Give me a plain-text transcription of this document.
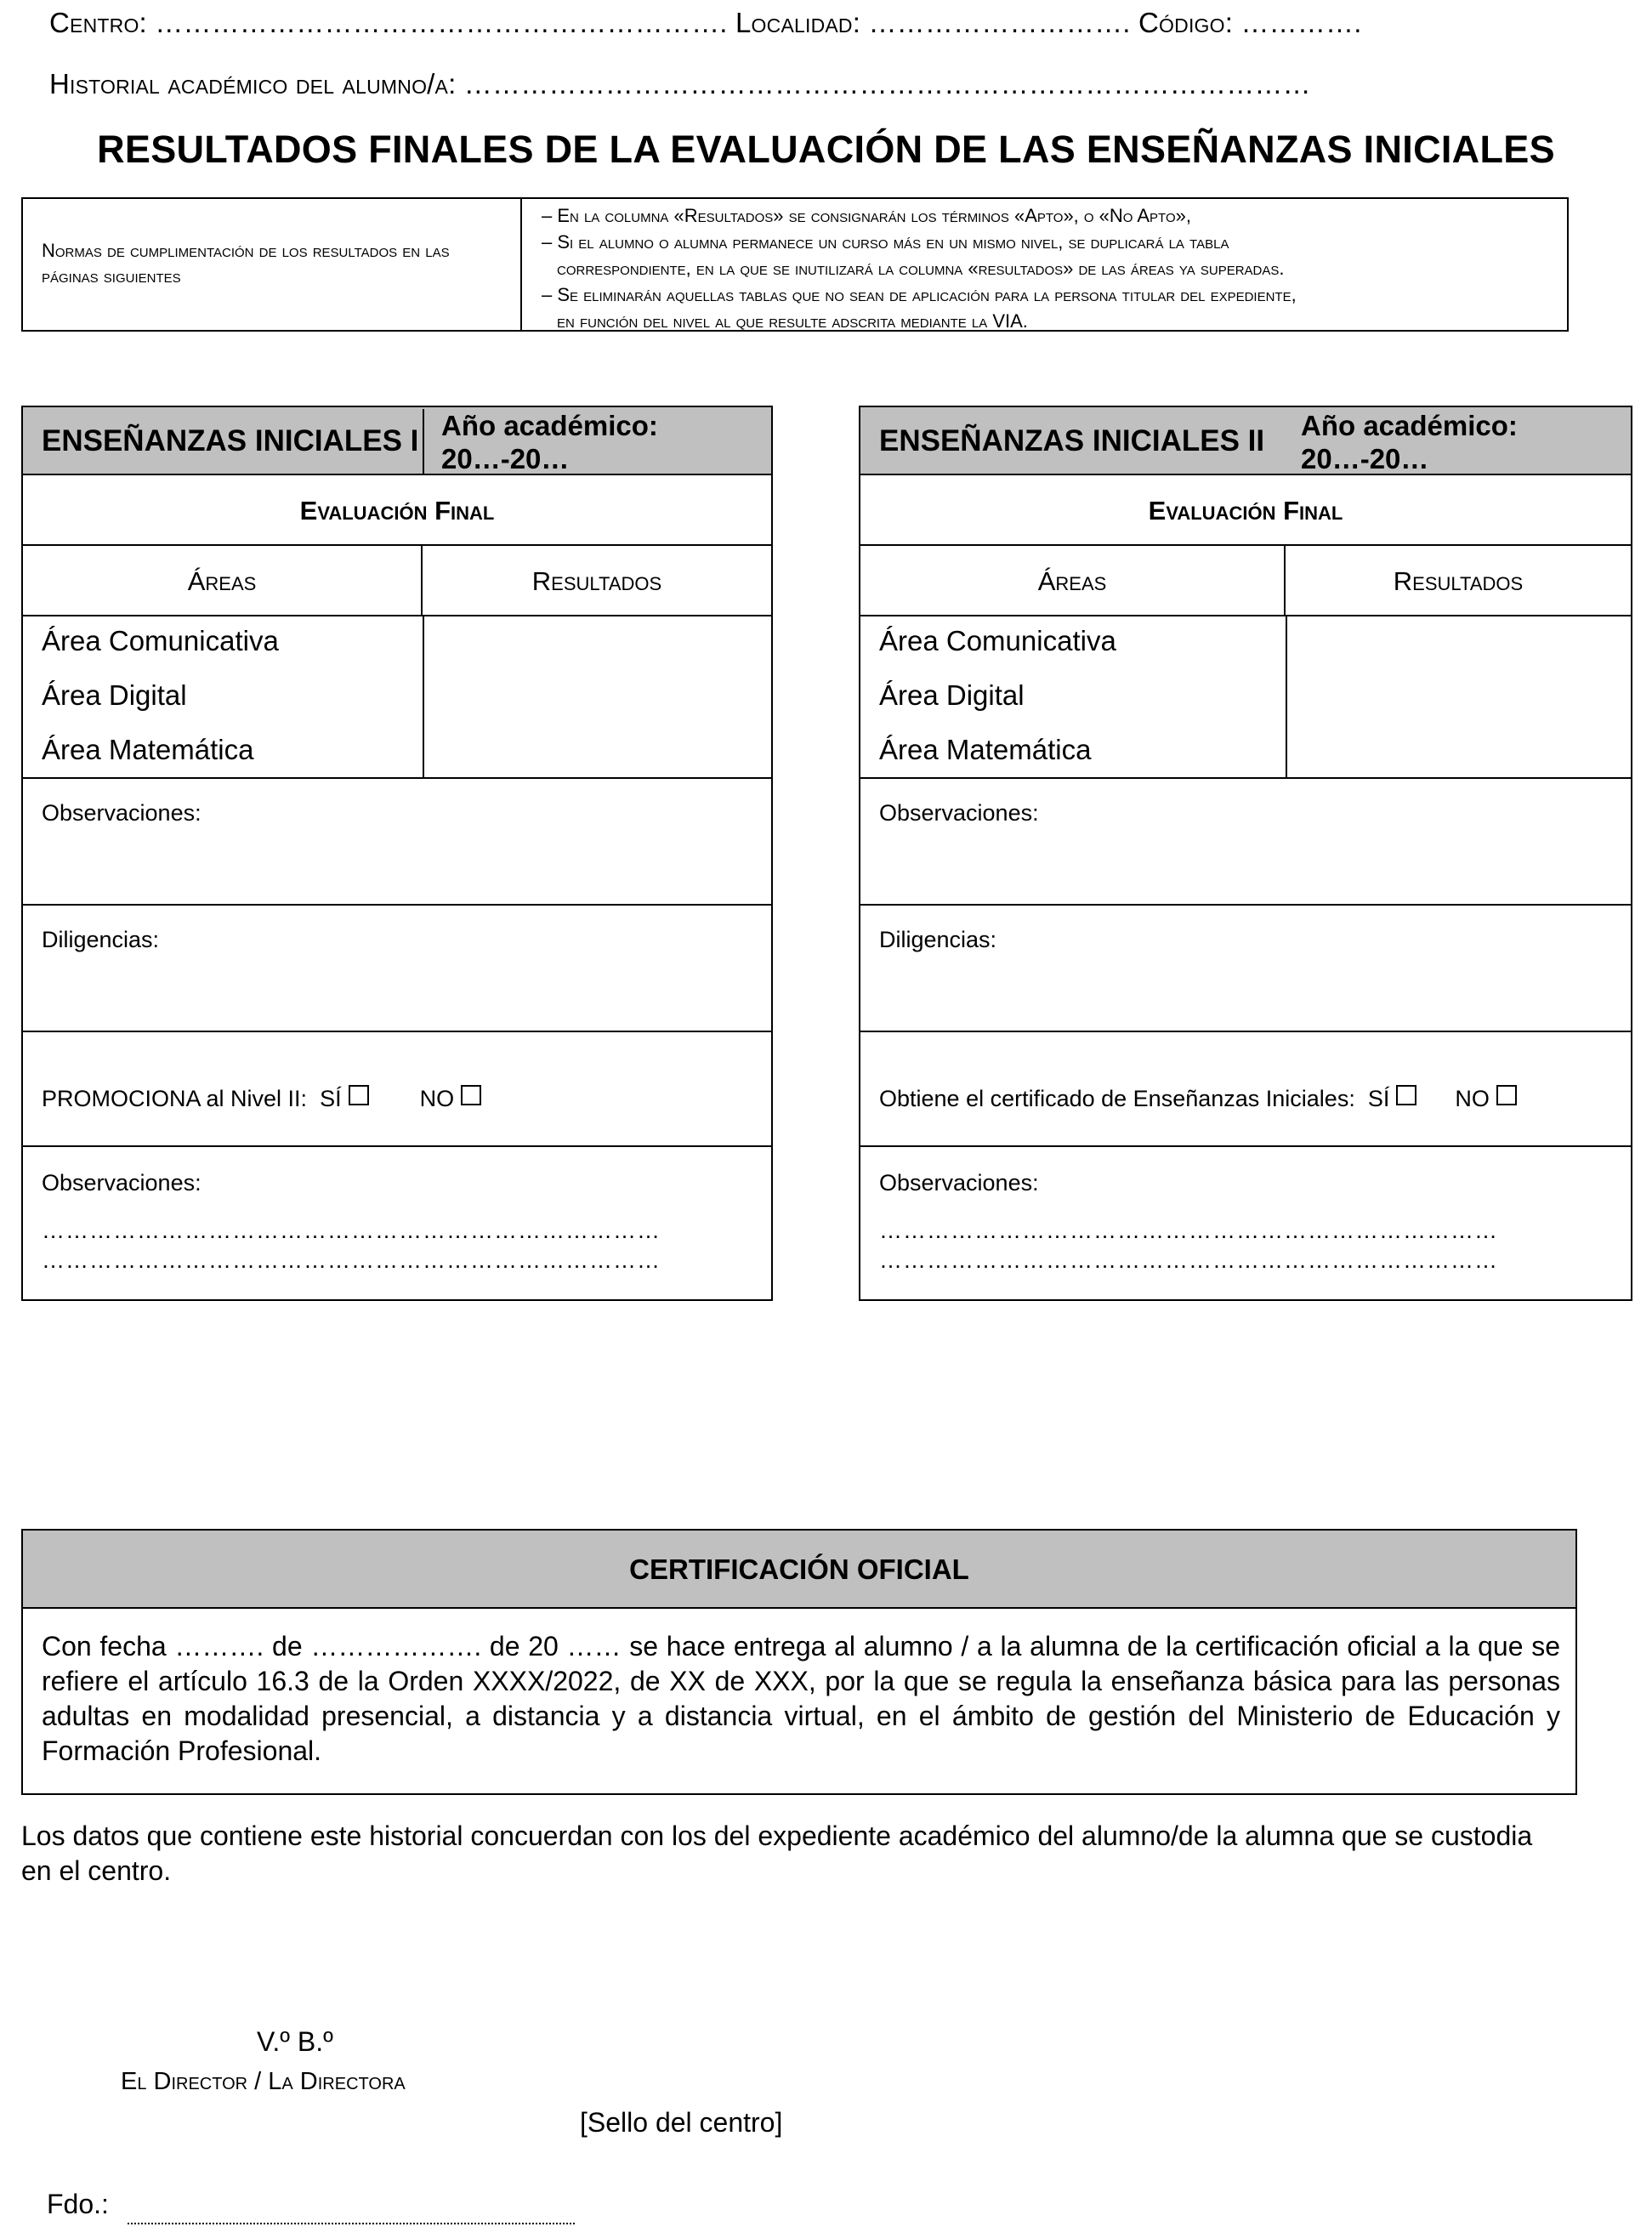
Centro: ……………………………………………………. Localidad: ………………………. Código: ………….
Historial académico del alumno/a: ………………………………………………………………………………
RESULTADOS FINALES DE LA EVALUACIÓN DE LAS ENSEÑANZAS INICIALES
Normas de cumplimentación de los resultados en las páginas siguientes
– En la columna «Resultados» se consignarán los términos «Apto», o «No Apto»,
– Si el alumno o alumna permanece un curso más en un mismo nivel, se duplicará la tabla
correspondiente, en la que se inutilizará la columna «resultados» de las áreas ya superadas.
– Se eliminarán aquellas tablas que no sean de aplicación para la persona titular del expediente,
en función del nivel al que resulte adscrita mediante la VIA.
ENSEÑANZAS INICIALES I Año académico:
20…-20…
Evaluación Final
Áreas	Resultados
Área Comunicativa
Área Digital
Área Matemática
Observaciones:
Diligencias:
PROMOCIONA al Nivel II: SÍ	NO
Observaciones:
……………………………………………………………………
……………………………………………………………………
ENSEÑANZAS INICIALES II Año académico:
20…-20…
Evaluación Final
Áreas	Resultados
Área Comunicativa
Área Digital
Área Matemática
Observaciones:
Diligencias:
Obtiene el certificado de Enseñanzas Iniciales: SÍ	NO
Observaciones:
……………………………………………………………………
……………………………………………………………………
CERTIFICACIÓN OFICIAL
Con fecha ………. de ………………. de 20 …… se hace entrega al alumno / a la alumna de la certificación oficial a la que se refiere el artículo 16.3 de la Orden XXXX/2022, de XX de XXX, por la que se regula la enseñanza básica para las personas adultas en modalidad presencial, a distancia y a distancia virtual, en el ámbito de gestión del Ministerio de Educación y Formación Profesional.
Los datos que contiene este historial concuerdan con los del expediente académico del alumno/de la alumna que se custodia en el centro.
V.º B.º
El Director / La Directora
[Sello del centro]
Fdo.:
